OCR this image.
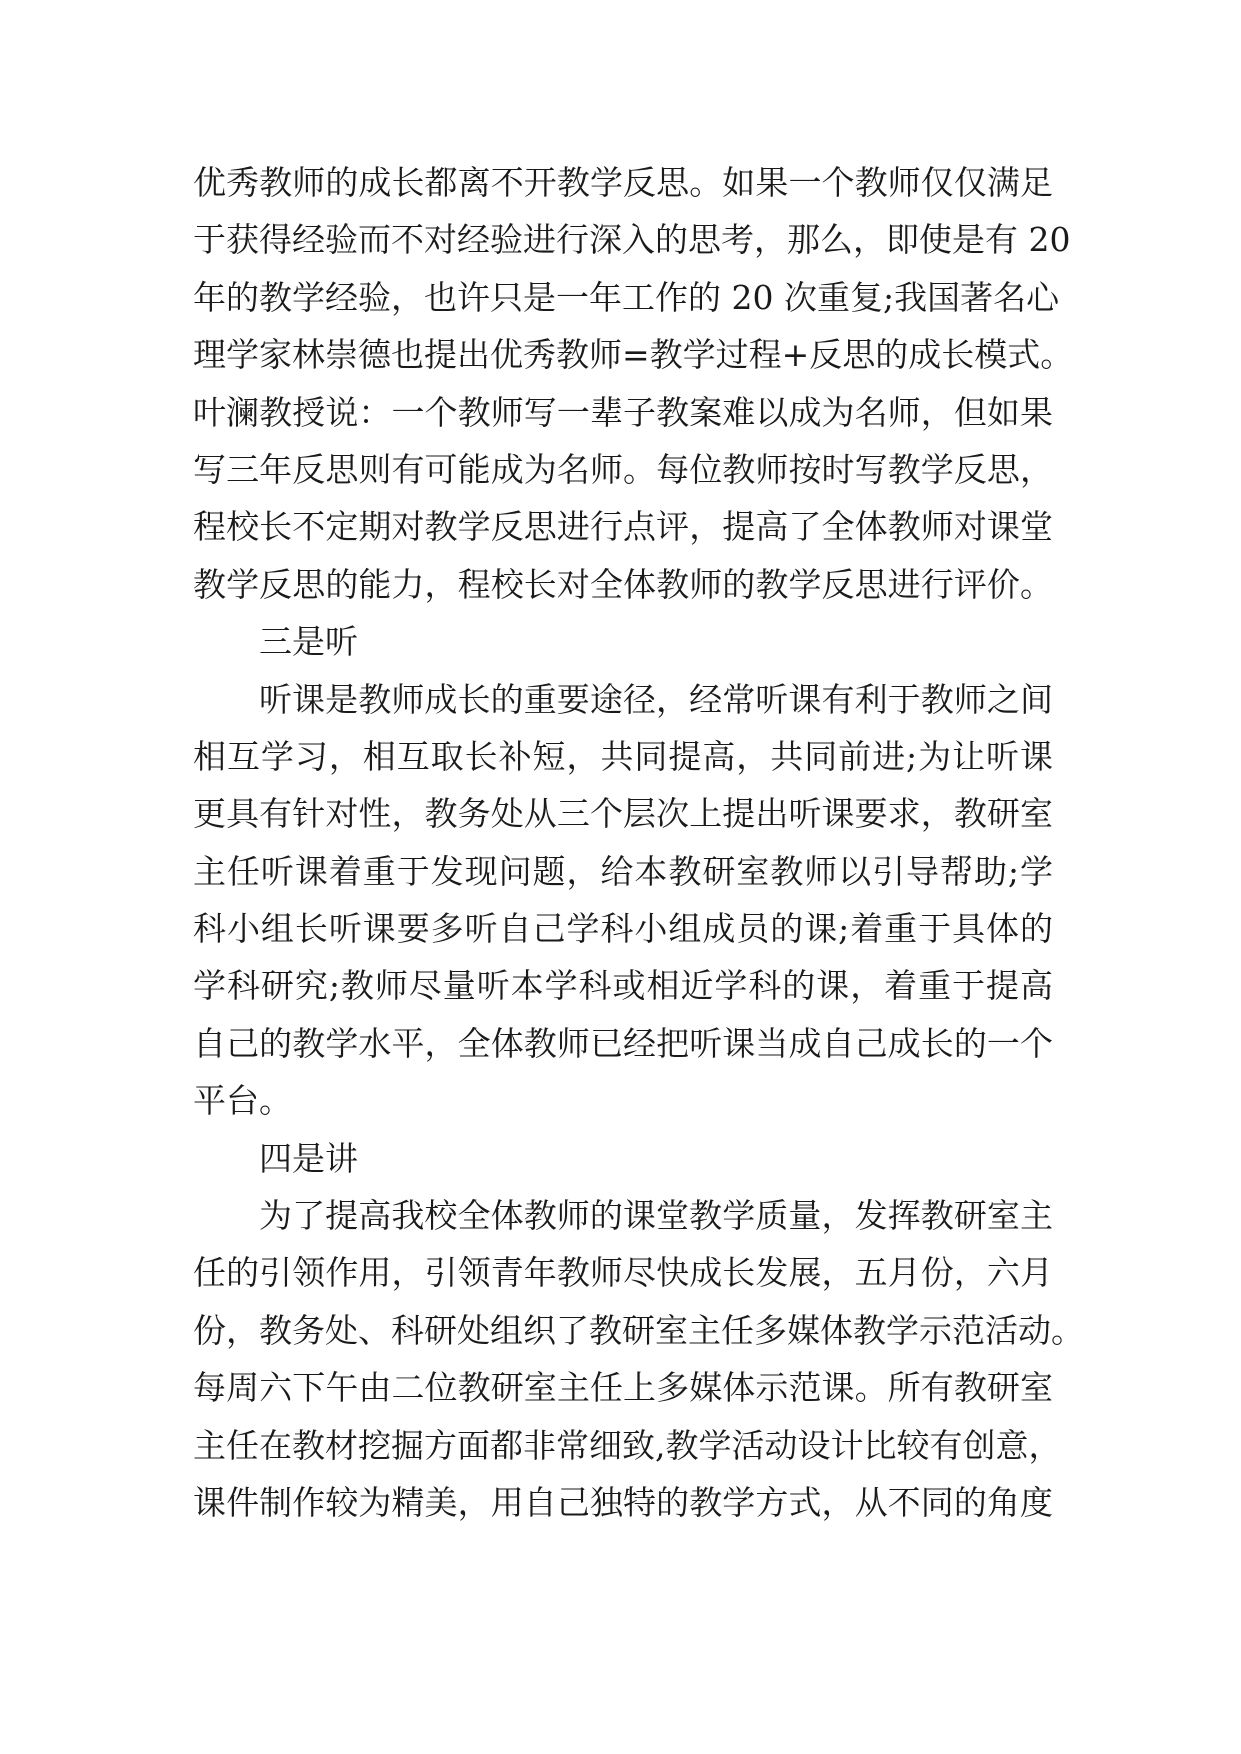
优秀教师的成长都离不开教学反思。如果一个教师仅仅满足
于获得经验而不对经验进行深入的思考，那么，即使是有 20
年的教学经验，也许只是一年工作的 20 次重复;我国著名心
理学家林崇德也提出优秀教师=教学过程+反思的成长模式。
叶澜教授说：一个教师写一辈子教案难以成为名师，但如果
写三年反思则有可能成为名师。每位教师按时写教学反思，
程校长不定期对教学反思进行点评，提高了全体教师对课堂
教学反思的能力，程校长对全体教师的教学反思进行评价。
三是听
听课是教师成长的重要途径，经常听课有利于教师之间
相互学习，相互取长补短，共同提高，共同前进;为让听课
更具有针对性，教务处从三个层次上提出听课要求，教研室
主任听课着重于发现问题，给本教研室教师以引导帮助;学
科小组长听课要多听自己学科小组成员的课;着重于具体的
学科研究;教师尽量听本学科或相近学科的课，着重于提高
自己的教学水平，全体教师已经把听课当成自己成长的一个
平台。
四是讲
为了提高我校全体教师的课堂教学质量，发挥教研室主
任的引领作用，引领青年教师尽快成长发展，五月份，六月
份，教务处、科研处组织了教研室主任多媒体教学示范活动。
每周六下午由二位教研室主任上多媒体示范课。所有教研室
主任在教材挖掘方面都非常细致,教学活动设计比较有创意，
课件制作较为精美，用自己独特的教学方式，从不同的角度
